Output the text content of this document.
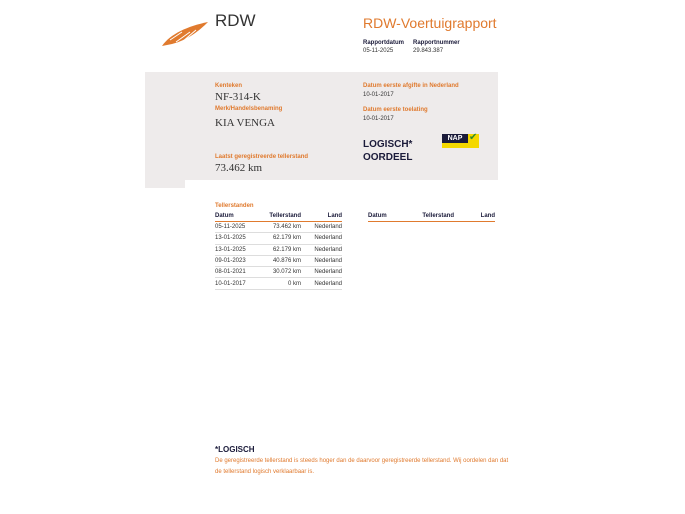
RDW	RDW-Voertuigrapport
Rapportdatum
05-11-2025
Rapportnummer
29.843.387
Kenteken
NF-314-K
Merk/Handelsbenaming
KIA VENGA
Laatst geregistreerde tellerstand
73.462 km
Datum eerste afgifte in Nederland
10-01-2017
Datum eerste toelating
10-01-2017
LOGISCH*
OORDEEL
NAP ✔
Tellerstanden
Datum	Tellerstand	Land
05-11-2025	73.462 km	Nederland
13-01-2025	62.179 km	Nederland
13-01-2025	62.179 km	Nederland
09-01-2023	40.876 km	Nederland
08-01-2021	30.072 km	Nederland
10-01-2017	0 km	Nederland
Datum	Tellerstand	Land
*LOGISCH
De geregistreerde tellerstand is steeds hoger dan de daarvoor geregistreerde tellerstand. Wij oordelen dan dat de tellerstand logisch verklaarbaar is.
